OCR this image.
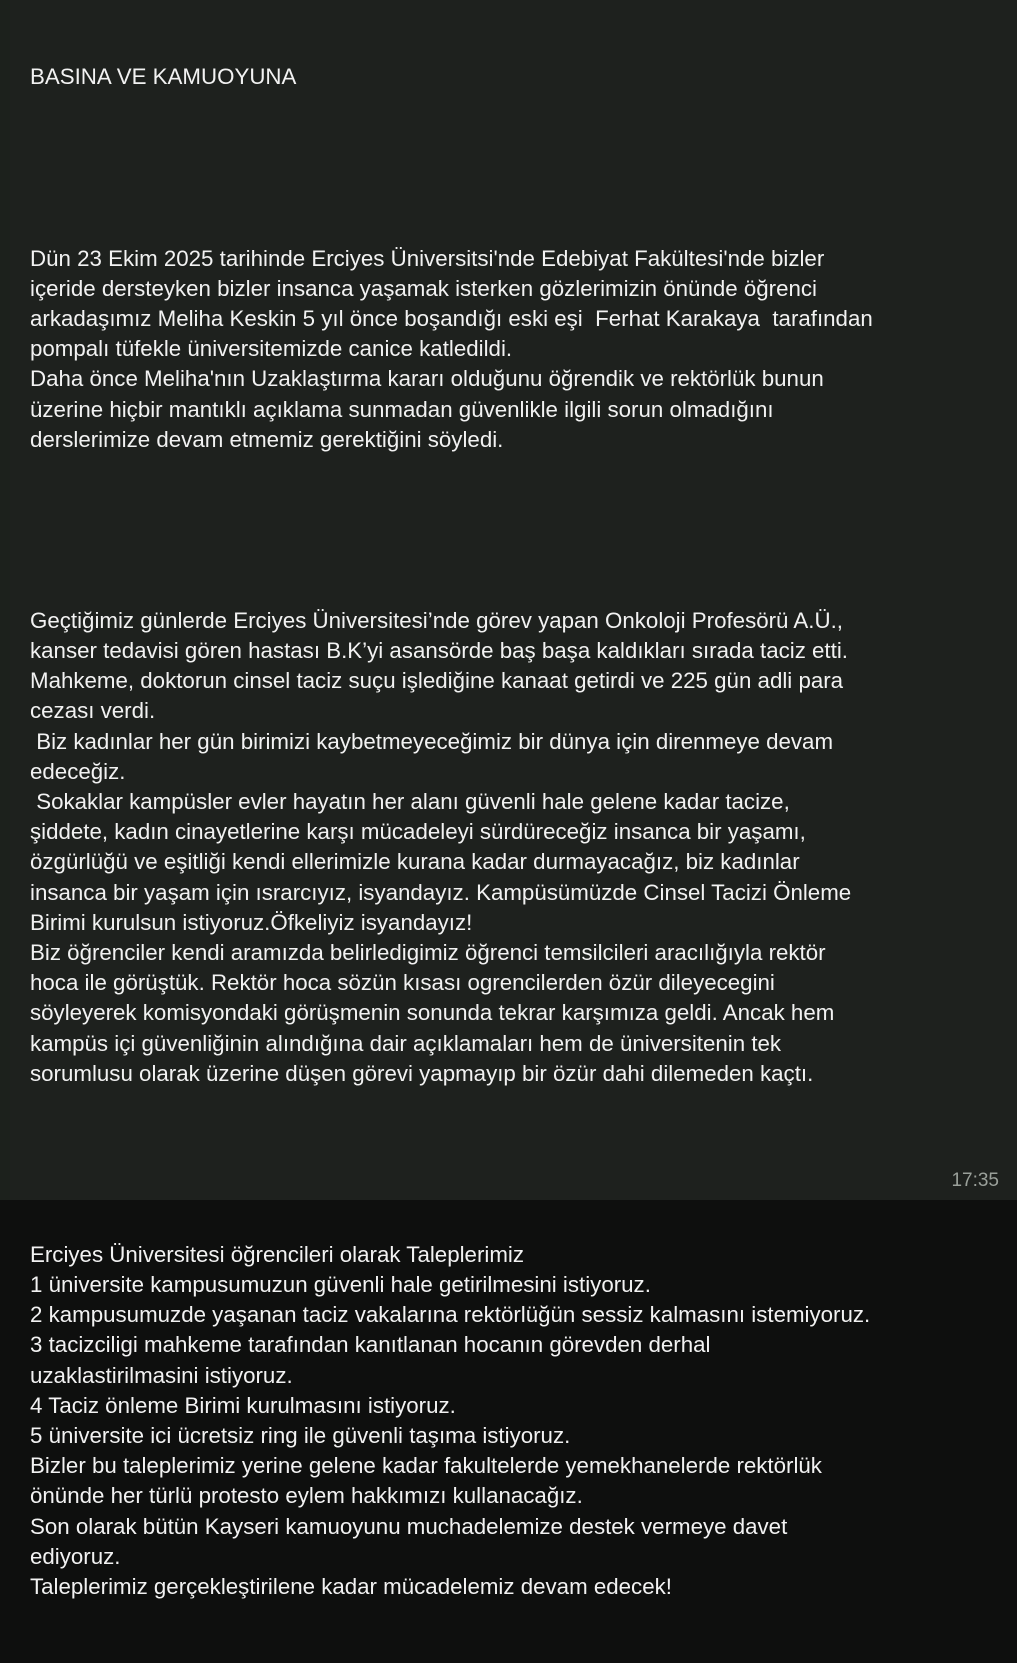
BASINA VE KAMUOYUNA

Dün 23 Ekim 2025 tarihinde Erciyes Üniversitsi'nde Edebiyat Fakültesi'nde bizler
içeride dersteyken bizler insanca yaşamak isterken gözlerimizin önünde öğrenci
arkadaşımız Meliha Keskin 5 yıl önce boşandığı eski eşi  Ferhat Karakaya  tarafından
pompalı tüfekle üniversitemizde canice katledildi.
Daha önce Meliha'nın Uzaklaştırma kararı olduğunu öğrendik ve rektörlük bunun
üzerine hiçbir mantıklı açıklama sunmadan güvenlikle ilgili sorun olmadığını
derslerimize devam etmemiz gerektiğini söyledi.

Geçtiğimiz günlerde Erciyes Üniversitesi’nde görev yapan Onkoloji Profesörü A.Ü.,
kanser tedavisi gören hastası B.K’yi asansörde baş başa kaldıkları sırada taciz etti.
Mahkeme, doktorun cinsel taciz suçu işlediğine kanaat getirdi ve 225 gün adli para
cezası verdi.
Biz kadınlar her gün birimizi kaybetmeyeceğimiz bir dünya için direnmeye devam
edeceğiz.
Sokaklar kampüsler evler hayatın her alanı güvenli hale gelene kadar tacize,
şiddete, kadın cinayetlerine karşı mücadeleyi sürdüreceğiz insanca bir yaşamı,
özgürlüğü ve eşitliği kendi ellerimizle kurana kadar durmayacağız, biz kadınlar
insanca bir yaşam için ısrarcıyız, isyandayız. Kampüsümüzde Cinsel Tacizi Önleme
Birimi kurulsun istiyoruz.Öfkeliyiz isyandayız!
Biz öğrenciler kendi aramızda belirledigimiz öğrenci temsilcileri aracılığıyla rektör
hoca ile görüştük. Rektör hoca sözün kısası ogrencilerden özür dileyecegini
söyleyerek komisyondaki görüşmenin sonunda tekrar karşımıza geldi. Ancak hem
kampüs içi güvenliğinin alındığına dair açıklamaları hem de üniversitenin tek
sorumlusu olarak üzerine düşen görevi yapmayıp bir özür dahi dilemeden kaçtı.

Erciyes Üniversitesi öğrencileri olarak Taleplerimiz
1 üniversite kampusumuzun güvenli hale getirilmesini istiyoruz.
2 kampusumuzde yaşanan taciz vakalarına rektörlüğün sessiz kalmasını istemiyoruz.
3 tacizciligi mahkeme tarafından kanıtlanan hocanın görevden derhal
uzaklastirilmasini istiyoruz.
4 Taciz önleme Birimi kurulmasını istiyoruz.
5 üniversite ici ücretsiz ring ile güvenli taşıma istiyoruz.
Bizler bu taleplerimiz yerine gelene kadar fakultelerde yemekhanelerde rektörlük
önünde her türlü protesto eylem hakkımızı kullanacağız.
Son olarak bütün Kayseri kamuoyunu muchadelemize destek vermeye davet
ediyoruz.
Taleplerimiz gerçekleştirilene kadar mücadelemiz devam edecek!

17:35
